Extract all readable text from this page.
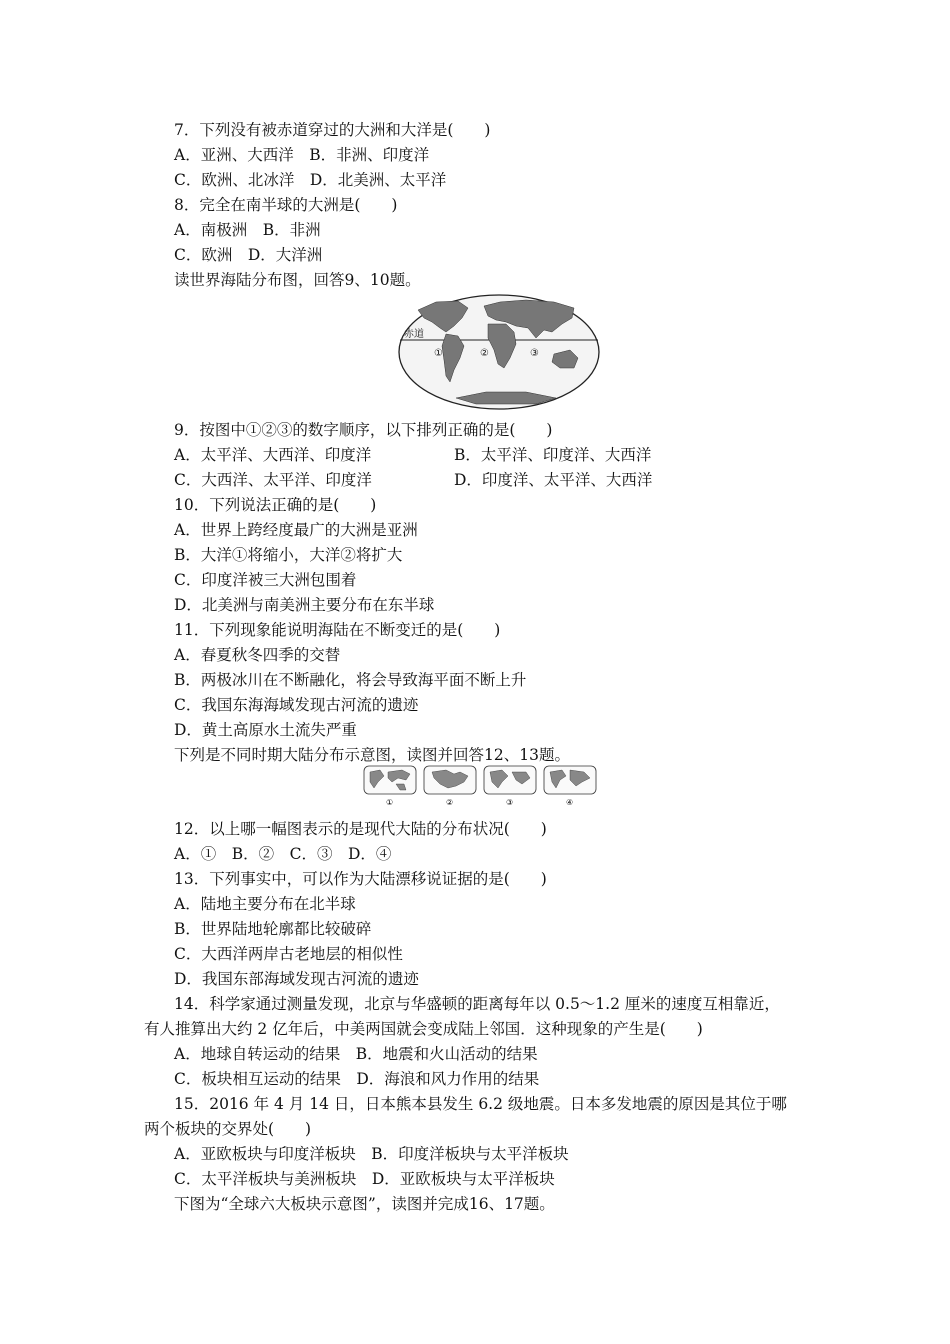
7．下列没有被赤道穿过的大洲和大洋是(　　)
A．亚洲、大西洋　B．非洲、印度洋
C．欧洲、北冰洋　D．北美洲、太平洋
8．完全在南半球的大洲是(　　)
A．南极洲　B．非洲
C．欧洲　D．大洋洲
读世界海陆分布图，回答9、10题。
赤道
①	②	③
9．按图中①②③的数字顺序，以下排列正确的是(　　)
A．太平洋、大西洋、印度洋	B．太平洋、印度洋、大西洋
C．大西洋、太平洋、印度洋	D．印度洋、太平洋、大西洋
10．下列说法正确的是(　　)
A．世界上跨经度最广的大洲是亚洲
B．大洋①将缩小，大洋②将扩大
C．印度洋被三大洲包围着
D．北美洲与南美洲主要分布在东半球
11．下列现象能说明海陆在不断变迁的是(　　)
A．春夏秋冬四季的交替
B．两极冰川在不断融化，将会导致海平面不断上升
C．我国东海海域发现古河流的遗迹
D．黄土高原水土流失严重
下列是不同时期大陆分布示意图，读图并回答12、13题。
①	②	③	④
12．以上哪一幅图表示的是现代大陆的分布状况(　　)
A．①　B．②　C．③　D．④
13．下列事实中，可以作为大陆漂移说证据的是(　　)
A．陆地主要分布在北半球
B．世界陆地轮廓都比较破碎
C．大西洋两岸古老地层的相似性
D．我国东部海域发现古河流的遗迹
14．科学家通过测量发现，北京与华盛顿的距离每年以 0.5～1.2 厘米的速度互相靠近，
有人推算出大约 2 亿年后，中美两国就会变成陆上邻国．这种现象的产生是(　　)
A．地球自转运动的结果　B．地震和火山活动的结果
C．板块相互运动的结果　D．海浪和风力作用的结果
15．2016 年 4 月 14 日，日本熊本县发生 6.2 级地震。日本多发地震的原因是其位于哪
两个板块的交界处(　　)
A．亚欧板块与印度洋板块　B．印度洋板块与太平洋板块
C．太平洋板块与美洲板块　D．亚欧板块与太平洋板块
下图为“全球六大板块示意图”，读图并完成16、17题。
